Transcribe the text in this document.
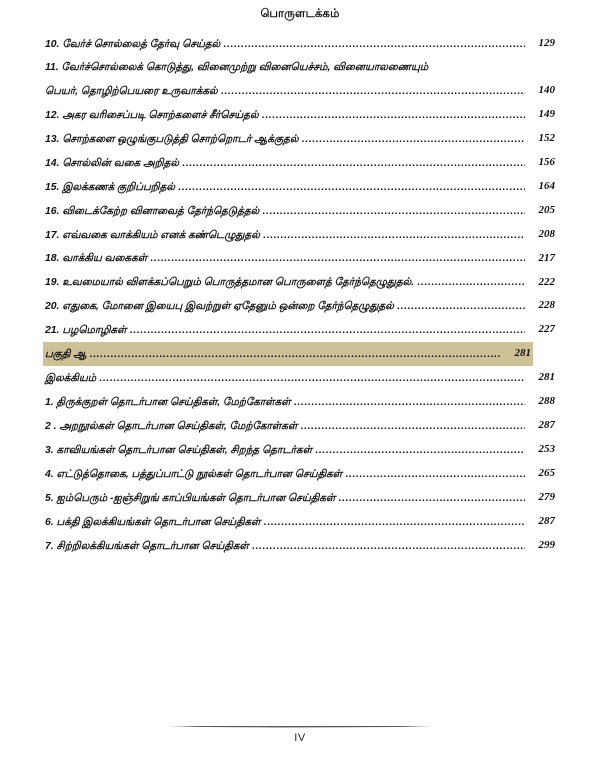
பொருளடக்கம்
10. வேர்ச் சொல்லைத் தேர்வு செய்தல் .....	129
11. வேர்ச்சொல்லைக் கொடுத்து, வினைமுற்று வினையெச்சம், வினையாலணையும்
பெயர், தொழிற்பெயரை உருவாக்கல் .....	140
12. அகர வரிசைப்படி சொற்களைச் சீர்செய்தல் .....	149
13. சொற்களை ஒழுங்குபடுத்தி சொற்றொடர் ஆக்குதல் .....	152
14. சொல்லின் வகை அறிதல் .....	156
15. இலக்கணக் குறிப்பறிதல் .....	164
16. விடைக்கேற்ற வினாவைத் தேர்ந்தெடுத்தல் .....	205
17. எவ்வகை வாக்கியம் எனக் கண்டெழுதுதல் .....	208
18. வாக்கிய வகைகள் .....	217
19. உவமையால் விளக்கப்பெறும் பொருத்தமான பொருளைத் தேர்ந்தெழுதுதல். .....	222
20. எதுகை, மோனை இயைபு இவற்றுள் ஏதேனும் ஒன்றை தேர்ந்தெழுதுதல் .....	228
21. பழமொழிகள் .....	227
பகுதி ஆ .....	281
இலக்கியம் .....	281
1. திருக்குறள் தொடர்பான செய்திகள், மேற்கோள்கள் .....	288
2 . அறநூல்கள் தொடர்பான செய்திகள், மேற்கோள்கள் .....	287
3. காவியங்கள் தொடர்பான செய்திகள், சிறந்த தொடர்கள் .....	253
4. எட்டுத்தொகை, பத்துப்பாட்டு நூல்கள் தொடர்பான செய்திகள் .....	265
5. ஐம்பெரும் -ஐஞ்சிறுங் காப்பியங்கள் தொடர்பான செய்திகள் .....	279
6. பக்தி இலக்கியங்கள் தொடர்பான செய்திகள் .....	287
7. சிற்றிலக்கியங்கள் தொடர்பான செய்திகள் .....	299
IV
